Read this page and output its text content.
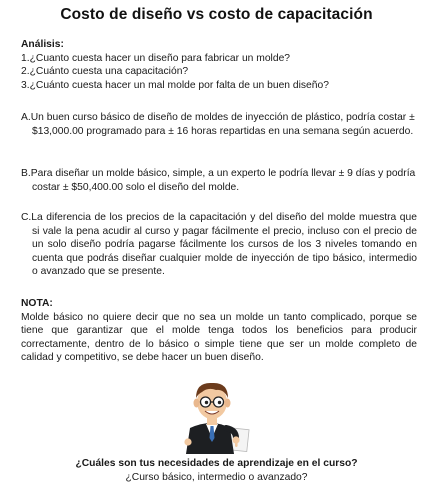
Costo de diseño vs costo de capacitación
Análisis:
1.¿Cuanto cuesta hacer un diseño para fabricar un molde?
2.¿Cuánto cuesta una capacitación?
3.¿Cuánto cuesta hacer un mal molde por falta de un buen diseño?
A.Un buen curso básico de diseño de moldes de inyección de plástico, podría costar ± $13,000.00 programado para ± 16 horas repartidas en una semana según acuerdo.
B.Para diseñar un molde básico, simple, a un experto le podría llevar ± 9 días y podría costar ± $50,400.00 solo el diseño del molde.
C.La diferencia de los precios de la capacitación y del diseño del molde muestra que si vale la pena acudir al curso y pagar fácilmente el precio, incluso con el precio de un solo diseño podría pagarse fácilmente los cursos de los 3 niveles tomando en cuenta que podrás diseñar cualquier molde de inyección de tipo básico, intermedio o avanzado que se presente.
NOTA:
Molde básico no quiere decir que no sea un molde un tanto complicado, porque se tiene que garantizar que el molde tenga todos los beneficios para producir correctamente, dentro de lo básico o simple tiene que ser un molde completo de calidad y competitivo, se debe hacer un buen diseño.
¿Cuáles son tus necesidades de aprendizaje en el curso?
¿Curso básico, intermedio o avanzado?
